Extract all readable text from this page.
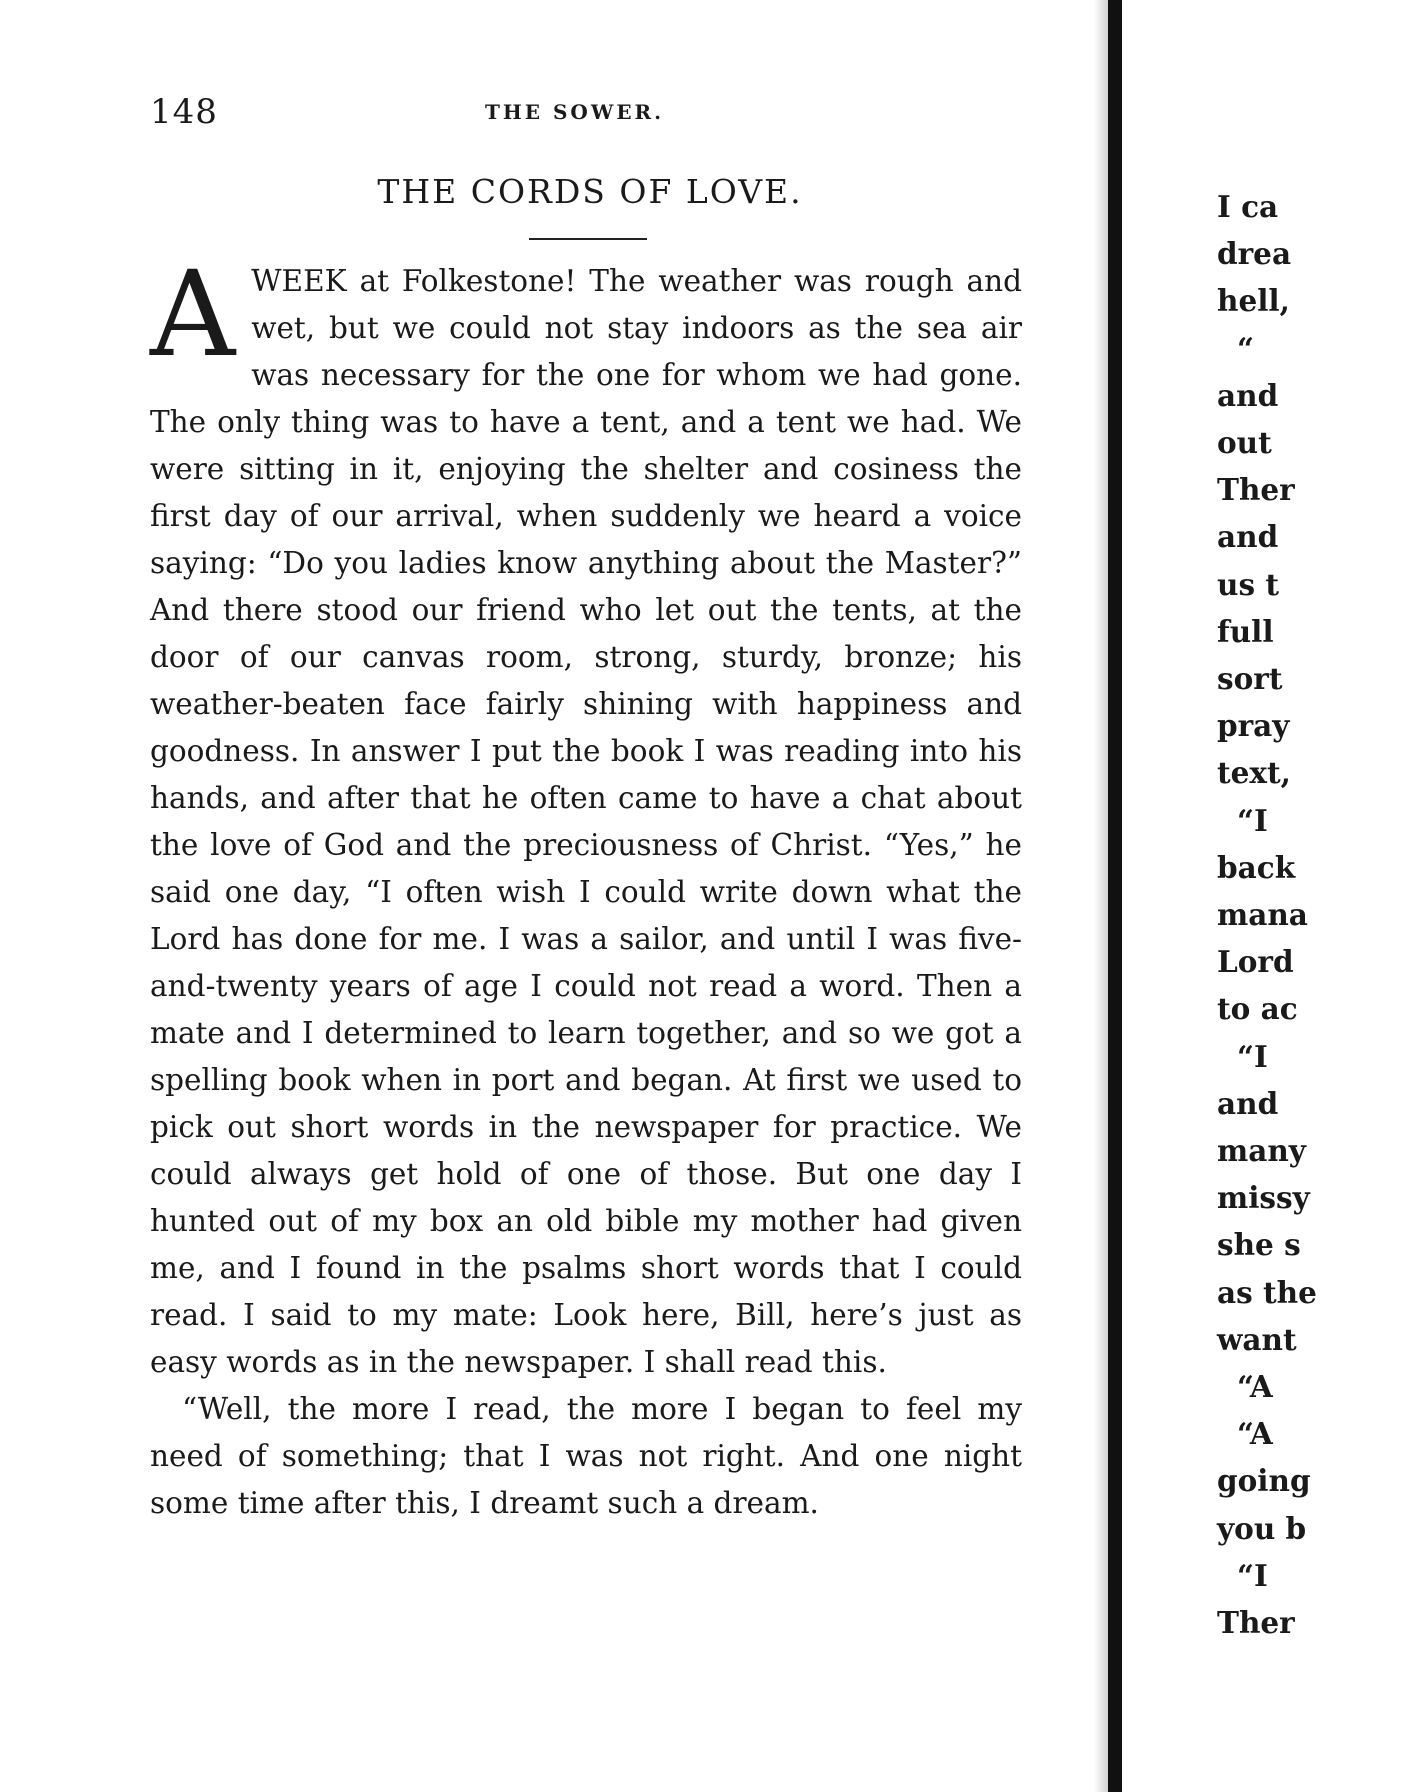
148	THE SOWER.
THE CORDS OF LOVE.

A WEEK at Folkestone! The weather was rough and wet, but we could not stay indoors as the sea air was necessary for the one for whom we had gone. The only thing was to have a tent, and a tent we had. We were sitting in it, enjoying the shelter and cosiness the first day of our arrival, when suddenly we heard a voice saying: “Do you ladies know anything about the Master?” And there stood our friend who let out the tents, at the door of our canvas room, strong, sturdy, bronze; his weather-beaten face fairly shining with happiness and goodness. In answer I put the book I was reading into his hands, and after that he often came to have a chat about the love of God and the preciousness of Christ. “Yes,” he said one day, “I often wish I could write down what the Lord has done for me. I was a sailor, and until I was five-and-twenty years of age I could not read a word. Then a mate and I determined to learn together, and so we got a spelling book when in port and began. At first we used to pick out short words in the newspaper for practice. We could always get hold of one of those. But one day I hunted out of my box an old bible my mother had given me, and I found in the psalms short words that I could read. I said to my mate: Look here, Bill, here’s just as easy words as in the newspaper. I shall read this.

“Well, the more I read, the more I began to feel my need of something; that I was not right. And one night some time after this, I dreamt such a dream.

I ca
drea
hell,
“
and
out
Ther
and
us t
full
sort
pray
text,
“I
back
mana
Lord
to ac
“I
and
many
missy
she s
as the
want
“A
“A
going
you b
“I
Ther
